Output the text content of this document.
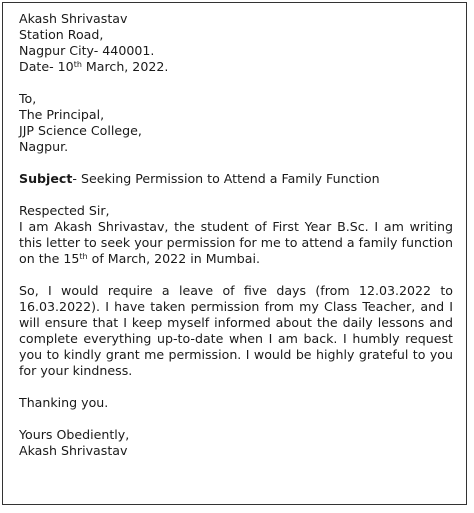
Akash Shrivastav
Station Road,
Nagpur City- 440001.
Date- 10th March, 2022.
To,
The Principal,
JJP Science College,
Nagpur.
Subject- Seeking Permission to Attend a Family Function
Respected Sir,
I am Akash Shrivastav, the student of First Year B.Sc. I am writing this letter to seek your permission for me to attend a family function on the 15th of March, 2022 in Mumbai.
So, I would require a leave of five days (from 12.03.2022 to 16.03.2022). I have taken permission from my Class Teacher, and I will ensure that I keep myself informed about the daily lessons and complete everything up-to-date when I am back. I humbly request you to kindly grant me permission. I would be highly grateful to you for your kindness.
Thanking you.
Yours Obediently,
Akash Shrivastav
